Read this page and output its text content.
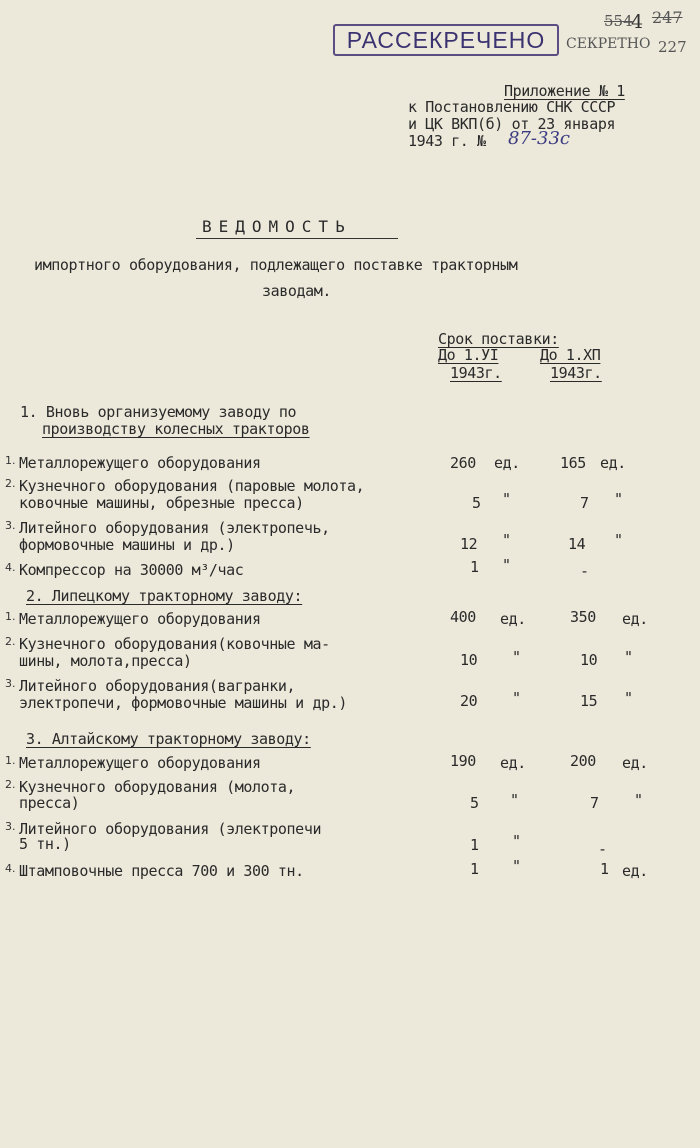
РАССЕКРЕЧЕНО	СЕКРЕТНО
554
4 247
227
Приложение № 1
к Постановлению СНК СССР
и ЦК ВКП(б) от 23 января
1943 г. № 87-33с
ВЕДОМОСТЬ
импортного оборудования, подлежащего поставке тракторным
заводам.
Срок поставки:
До 1.УI	До 1.ХП
1943г.	1943г.
1. Вновь организуемому заводу по
производству колесных тракторов
1. Металлорежущего оборудования	260 ед.	165 ед.
2. Кузнечного оборудования (паровые молота,
ковочные машины, обрезные пресса)	5 "	7 "
3. Литейного оборудования (электропечь,
формовочные машины и др.)	12 "	14 "
4. Компрессор на 30000 м³/час	1 "	-
2. Липецкому тракторному заводу:
1. Металлорежущего оборудования	400 ед.	350 ед.
2. Кузнечного оборудования(ковочные ма-
шины, молота,пресса)	10 "	10 "
3. Литейного оборудования(вагранки,
электропечи, формовочные машины и др.)	20 "	15 "
3. Алтайскому тракторному заводу:
1. Металлорежущего оборудования	190 ед.	200 ед.
2. Кузнечного оборудования (молота,
пресса)	5 "	7 "
3. Литейного оборудования (электропечи
5 тн.)	1 "	-
4. Штамповочные пресса 700 и 300 тн.	1 "	1 ед.
